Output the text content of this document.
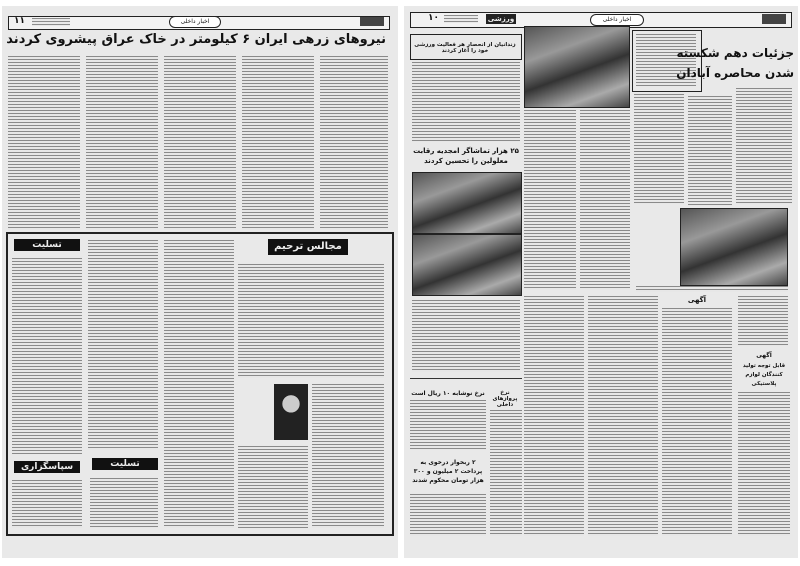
۱۱	اخبار داخلی
نیروهای زرهی ایران ۶ کیلومتر در خاک عراق پیشروی کردند
تسلیت
سپاسگزاری	تسلیت
مجالس ترحیم
۱۰	ورزشی	اخبار داخلی
زندانیان از انحصار هر فعالیت ورزشی خود را آغاز کردند
۲۵ هزار تماشاگر امجدیه رقابت معلولین را تحسین کردند
جزئیات دهم شکسته
شدن محاصره آبادان
آگهی
آگهی
قابل توجه تولید کنندگان لوازم پلاستیکی
نرخ نوشابه ۱۰ ریال است	نرخ پروازهای داخلی
۲ ربخوار درخوی به پرداخت ۲ میلیون و ۳۰۰ هزار تومان محکوم شدند
